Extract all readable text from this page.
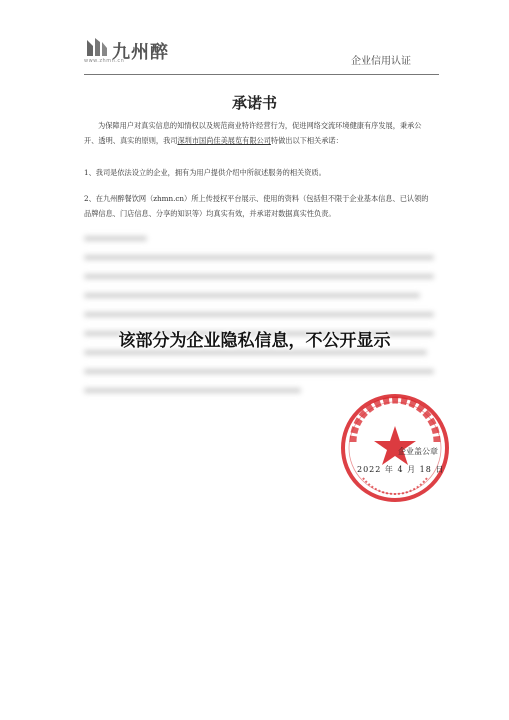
九州醉
www.zhmn.cn	企业信用认证
承诺书
为保障用户对真实信息的知情权以及规范商业特许经营行为，促进网络交流环境健康有序发展，秉承公开、透明、真实的原则，我司深圳市国尚佳美展览有限公司特做出以下相关承诺：
1、我司是依法设立的企业，拥有为用户提供介绍中所叙述服务的相关资质。
2、在九州醉餐饮网（zhmn.cn）所上传授权平台展示、使用的资料（包括但不限于企业基本信息、已认领的品牌信息、门店信息、分享的知识等）均真实有效，并承诺对数据真实性负责。
该部分为企业隐私信息，不公开显示
企业盖公章
2022 年 4 月 18 日
